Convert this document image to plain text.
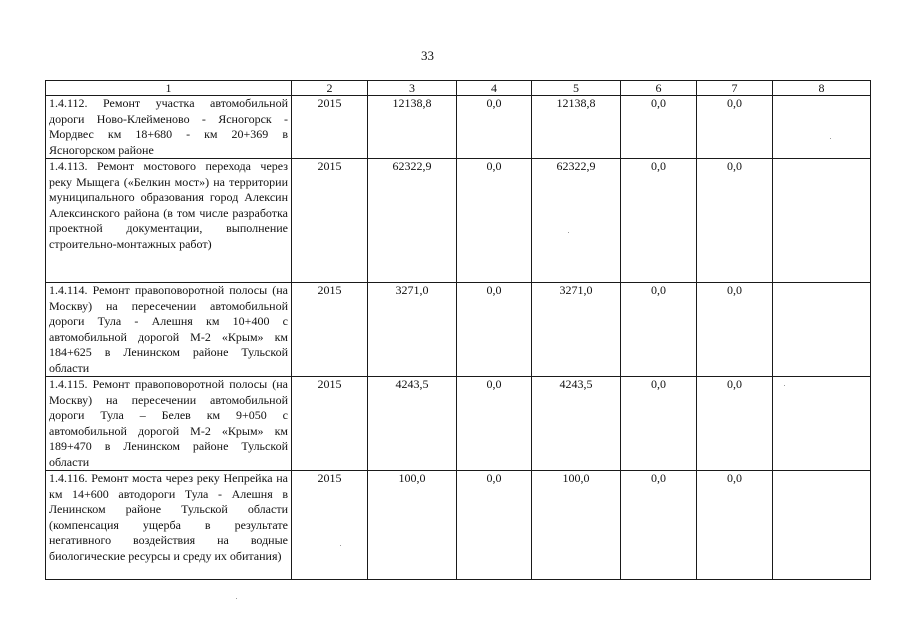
33
1	2	3	4	5	6	7	8
1.4.112. Ремонт участка автомобильной дороги Ново-Клейменово - Ясногорск - Мордвес км 18+680 - км 20+369 в Ясногорском районе	2015	12138,8	0,0	12138,8	0,0	0,0	
1.4.113. Ремонт мостового перехода через реку Мыщега («Белкин мост») на территории муниципального образования город Алексин Алексинского района (в том числе разработка проектной документации, выполнение строительно-монтажных работ)	2015	62322,9	0,0	62322,9	0,0	0,0	
1.4.114. Ремонт правоповоротной полосы (на Москву) на пересечении автомобильной дороги Тула - Алешня км 10+400 с автомобильной дорогой М-2 «Крым» км 184+625 в Ленинском районе Тульской области	2015	3271,0	0,0	3271,0	0,0	0,0	
1.4.115. Ремонт правоповоротной полосы (на Москву) на пересечении автомобильной дороги Тула – Белев км 9+050 с автомобильной дорогой М-2 «Крым» км 189+470 в Ленинском районе Тульской области	2015	4243,5	0,0	4243,5	0,0	0,0	
1.4.116. Ремонт моста через реку Непрейка на км 14+600 автодороги Тула - Алешня в Ленинском районе Тульской области (компенсация ущерба в результате негативного воздействия на водные биологические ресурсы и среду их обитания)	2015	100,0	0,0	100,0	0,0	0,0	
